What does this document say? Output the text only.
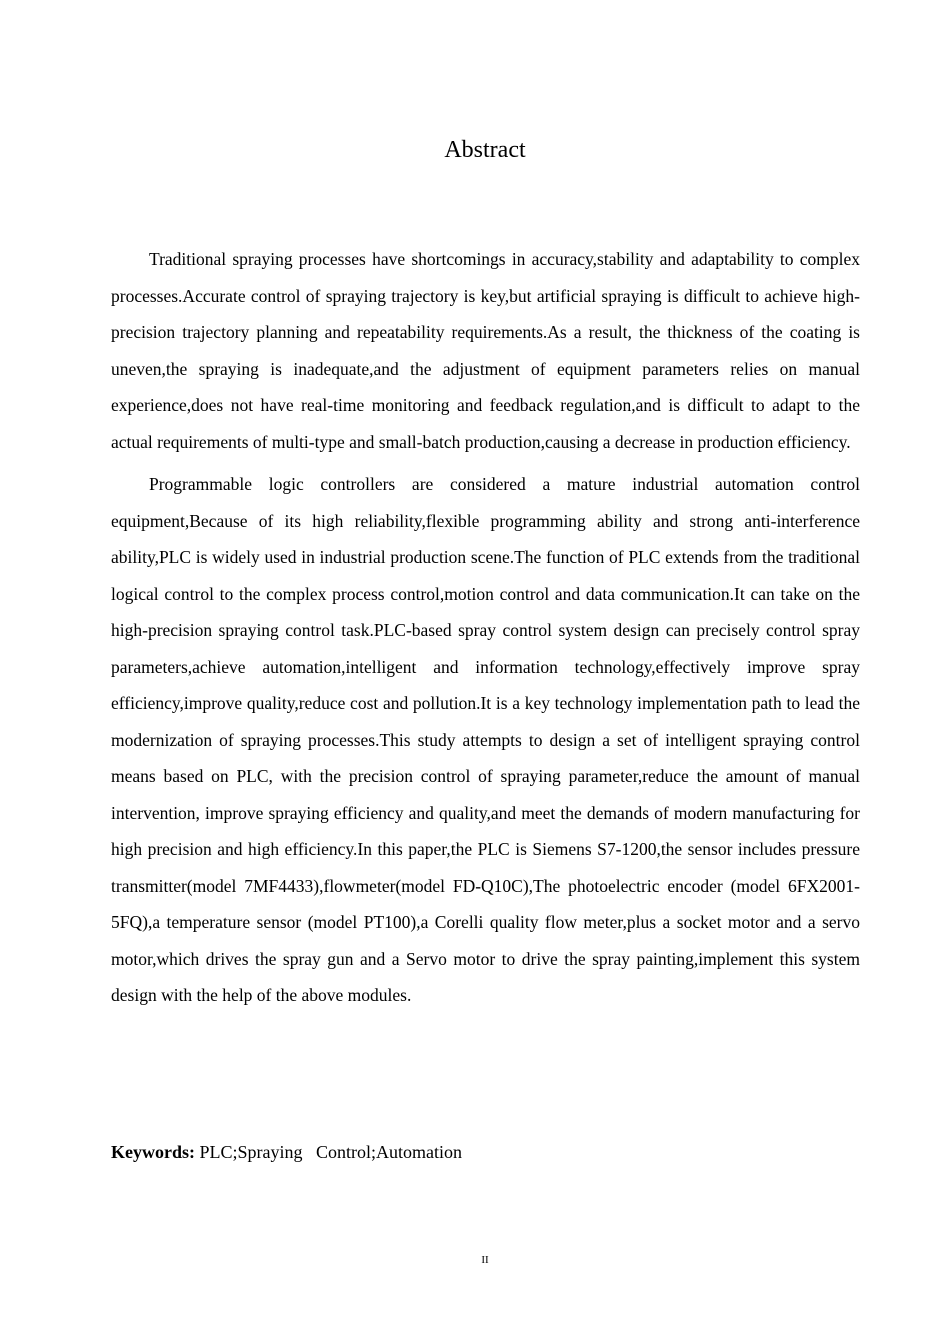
Abstract

Traditional spraying processes have shortcomings in accuracy,stability and adaptability to complex processes.Accurate control of spraying trajectory is key,but artificial spraying is difficult to achieve high-precision trajectory planning and repeatability requirements.As a result, the thickness of the coating is uneven,the spraying is inadequate,and the adjustment of equipment parameters relies on manual experience,does not have real-time monitoring and feedback regulation,and is difficult to adapt to the actual requirements of multi-type and small-batch production,causing a decrease in production efficiency.

Programmable logic controllers are considered a mature industrial automation control equipment,Because of its high reliability,flexible programming ability and strong anti-interference ability,PLC is widely used in industrial production scene.The function of PLC extends from the traditional logical control to the complex process control,motion control and data communication.It can take on the high-precision spraying control task.PLC-based spray control system design can precisely control spray parameters,achieve automation,intelligent and information technology,effectively improve spray efficiency,improve quality,reduce cost and pollution.It is a key technology implementation path to lead the modernization of spraying processes.This study attempts to design a set of intelligent spraying control means based on PLC, with the precision control of spraying parameter,reduce the amount of manual intervention, improve spraying efficiency and quality,and meet the demands of modern manufacturing for high precision and high efficiency.In this paper,the PLC is Siemens S7-1200,the sensor includes pressure transmitter(model 7MF4433),flowmeter(model FD-Q10C),The photoelectric encoder (model 6FX2001-5FQ),a temperature sensor (model PT100),a Corelli quality flow meter,plus a socket motor and a servo motor,which drives the spray gun and a Servo motor to drive the spray painting,implement this system design with the help of the above modules.

Keywords: PLC;Spraying   Control;Automation
II
